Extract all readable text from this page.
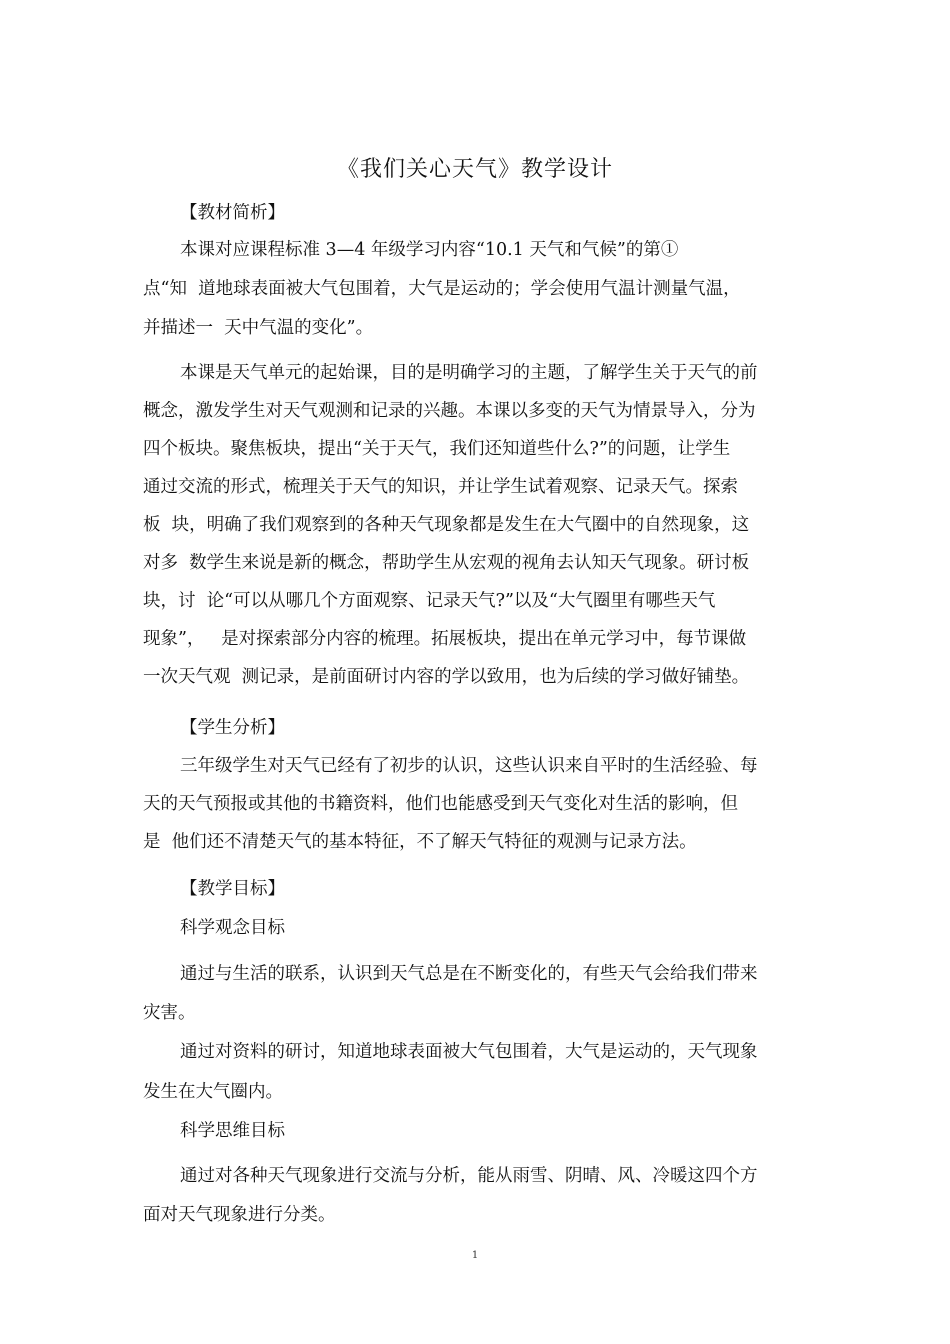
《我们关心天气》教学设计
【教材简析】
本课对应课程标准 3—4 年级学习内容“10.1 天气和气候”的第①
点“知  道地球表面被大气包围着，大气是运动的；学会使用气温计测量气温，
并描述一  天中气温的变化”。
本课是天气单元的起始课，目的是明确学习的主题，了解学生关于天气的前
概念，激发学生对天气观测和记录的兴趣。本课以多变的天气为情景导入，分为
四个板块。聚焦板块，提出“关于天气，我们还知道些什么?”的问题，让学生
通过交流的形式，梳理关于天气的知识，并让学生试着观察、记录天气。探索
板  块，明确了我们观察到的各种天气现象都是发生在大气圈中的自然现象，这
对多  数学生来说是新的概念，帮助学生从宏观的视角去认知天气现象。研讨板
块，讨  论“可以从哪几个方面观察、记录天气?”以及“大气圈里有哪些天气
现象”，   是对探索部分内容的梳理。拓展板块，提出在单元学习中，每节课做
一次天气观  测记录，是前面研讨内容的学以致用，也为后续的学习做好铺垫。
【学生分析】
三年级学生对天气已经有了初步的认识，这些认识来自平时的生活经验、每
天的天气预报或其他的书籍资料，他们也能感受到天气变化对生活的影响，但
是  他们还不清楚天气的基本特征，不了解天气特征的观测与记录方法。
【教学目标】
科学观念目标
通过与生活的联系，认识到天气总是在不断变化的，有些天气会给我们带来
灾害。
通过对资料的研讨，知道地球表面被大气包围着，大气是运动的，天气现象
发生在大气圈内。
科学思维目标
通过对各种天气现象进行交流与分析，能从雨雪、阴晴、风、冷暖这四个方
面对天气现象进行分类。
1
